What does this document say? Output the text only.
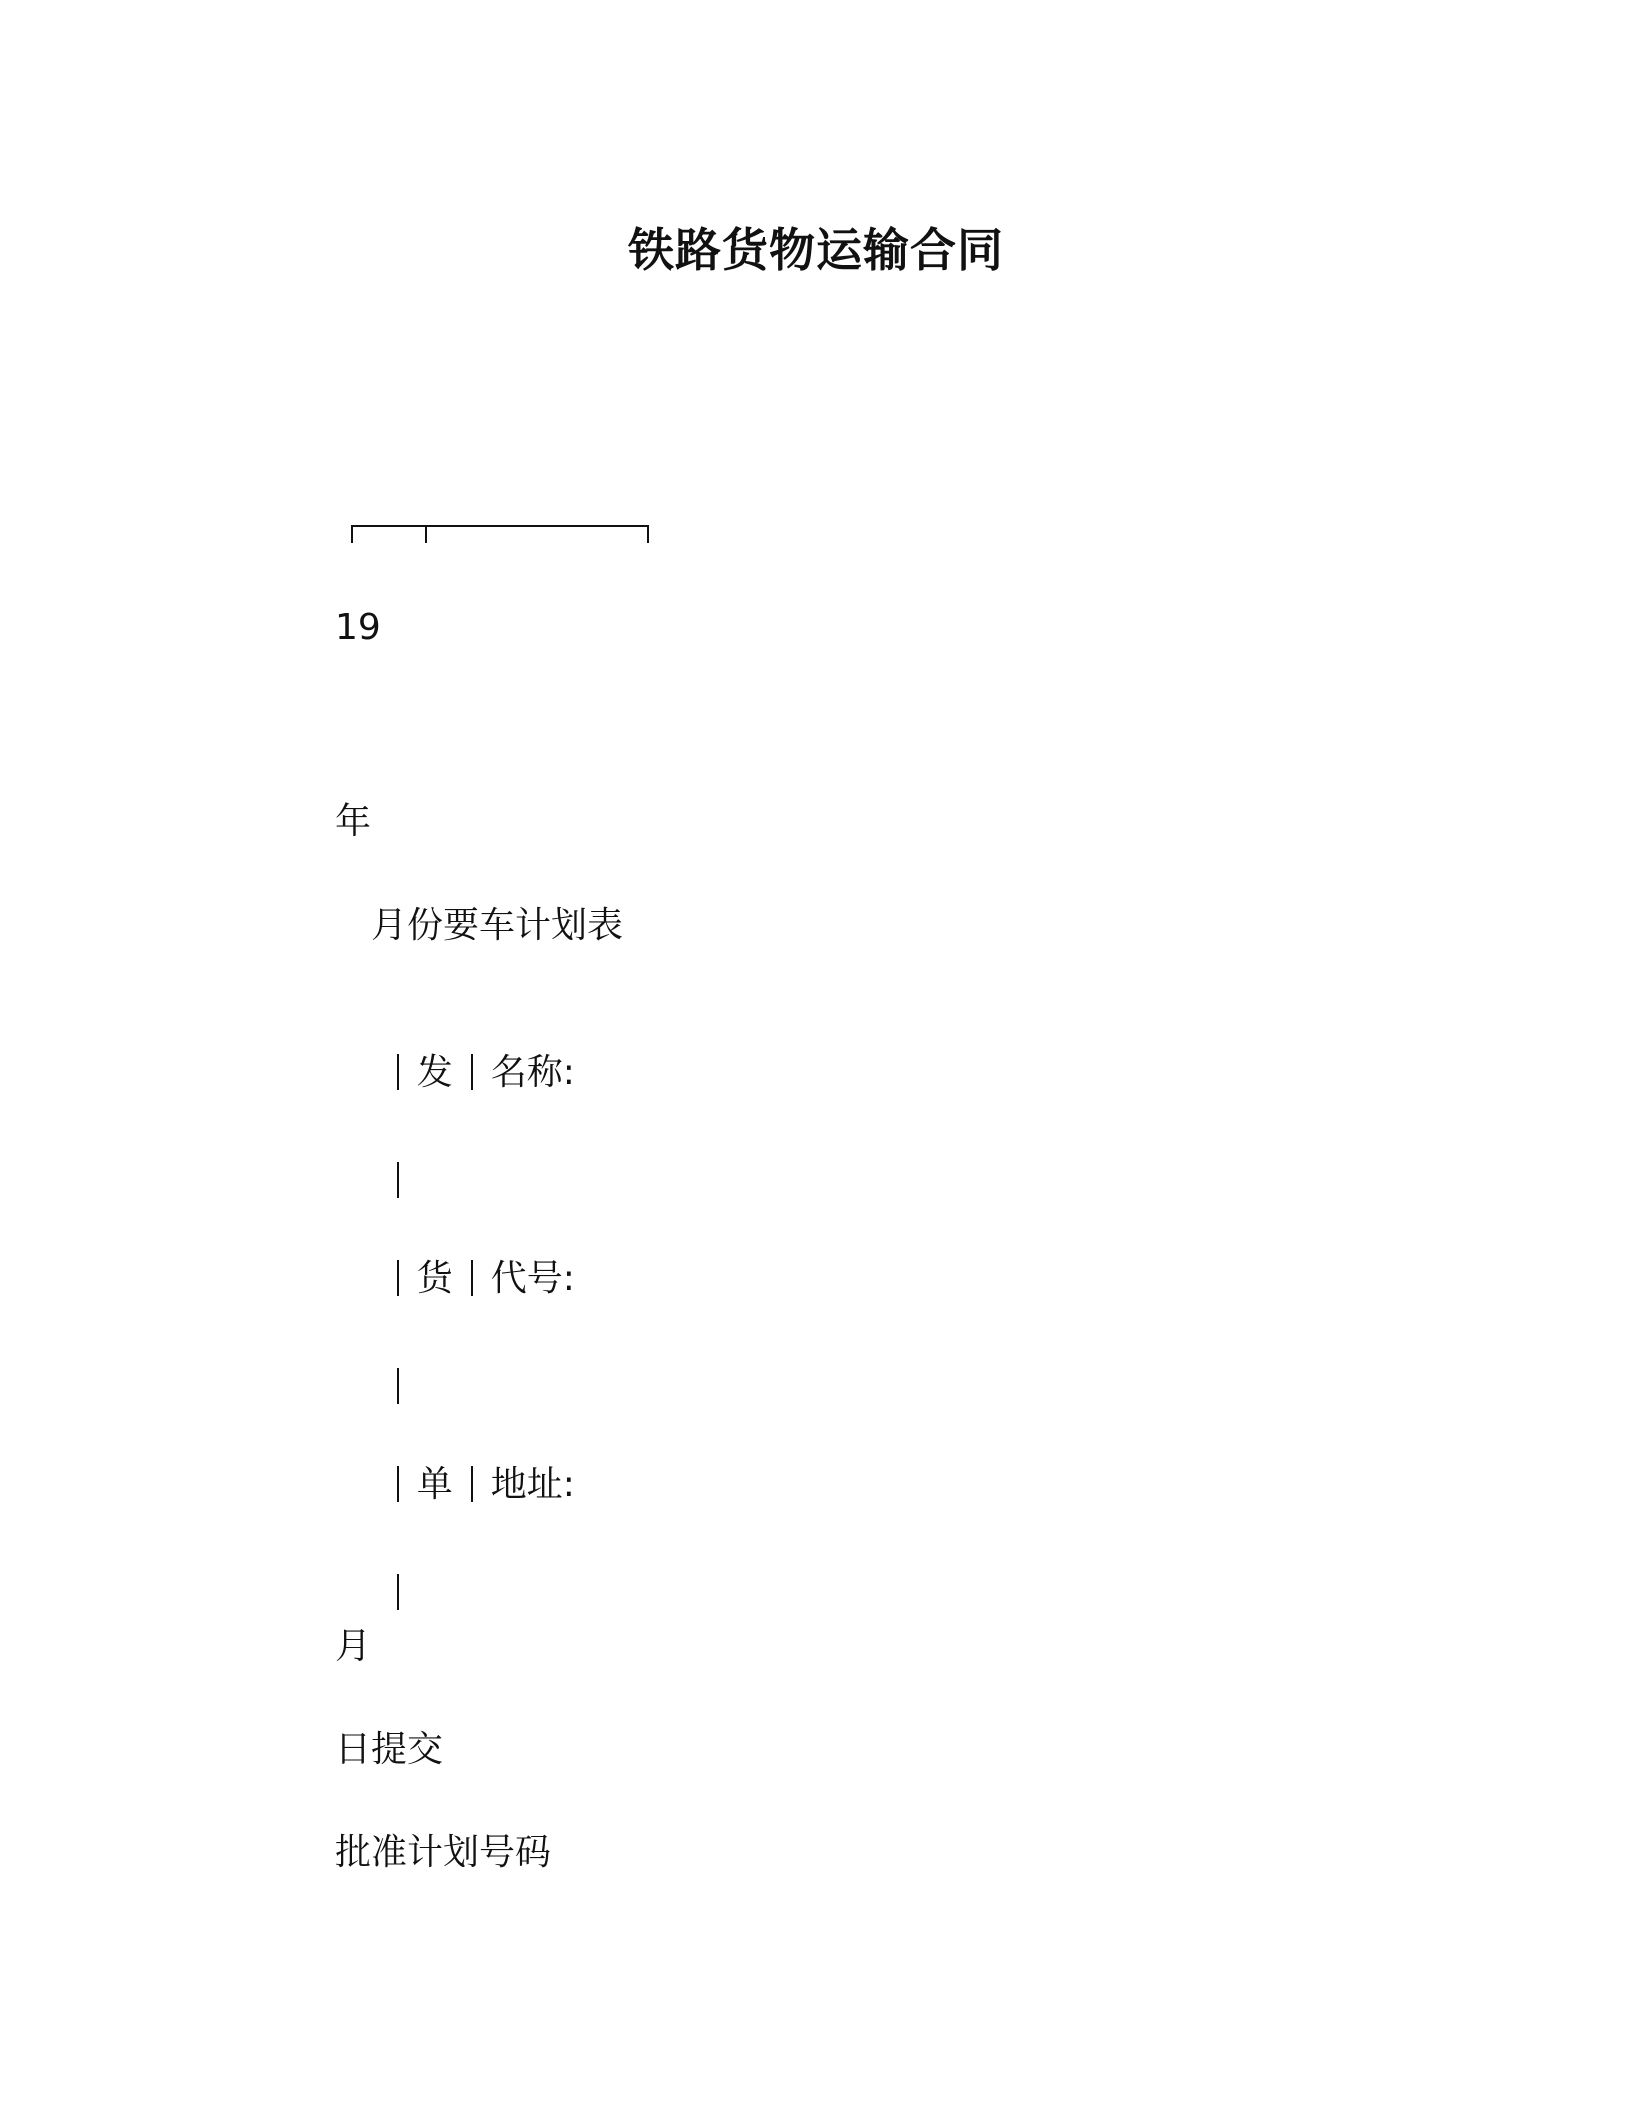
铁路货物运输合同
19
年
月份要车计划表

发 名称:

货 代号:

单 地址:

月
日提交
批准计划号码
